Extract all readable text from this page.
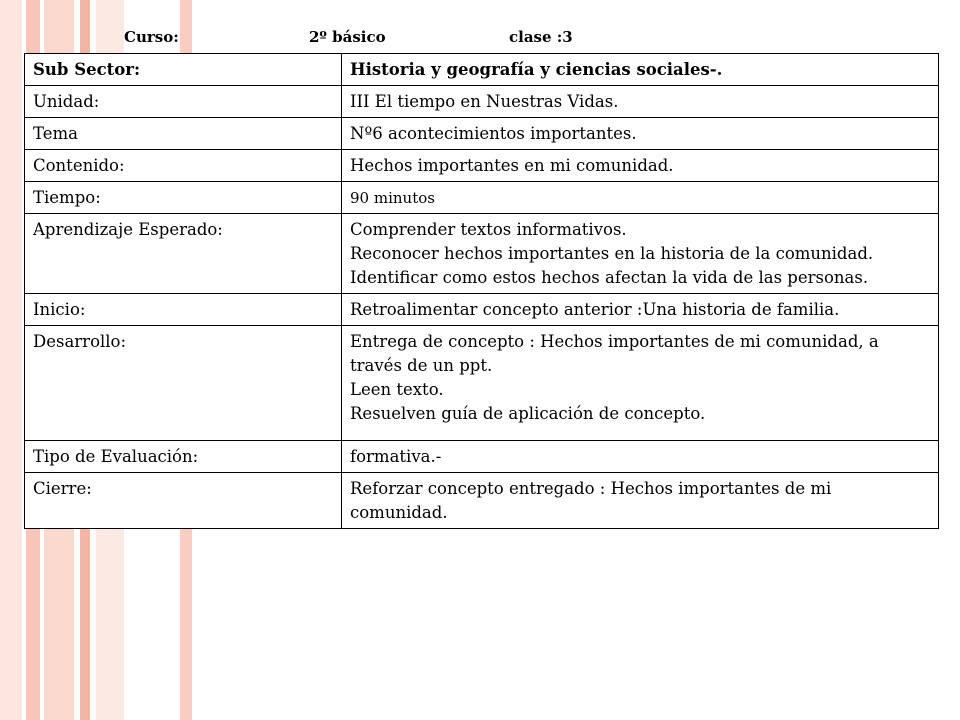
Curso:	2º básico	clase :3
Sub Sector:	Historia y geografía y ciencias sociales-.
Unidad:	III El tiempo en Nuestras Vidas.
Tema	Nº6 acontecimientos importantes.
Contenido:	Hechos importantes en mi comunidad.
Tiempo:	90 minutos
Aprendizaje Esperado:	Comprender textos informativos.
Reconocer hechos importantes en la historia de la comunidad.
Identificar como estos hechos afectan la vida de las personas.

Inicio:	Retroalimentar concepto anterior :Una historia de familia.
Desarrollo:	Entrega de concepto : Hechos importantes de mi comunidad, a través de un ppt.
Leen texto.
Resuelven guía de aplicación de concepto.

Tipo de Evaluación:	formativa.-
Cierre:	Reforzar concepto entregado : Hechos importantes de mi comunidad.
